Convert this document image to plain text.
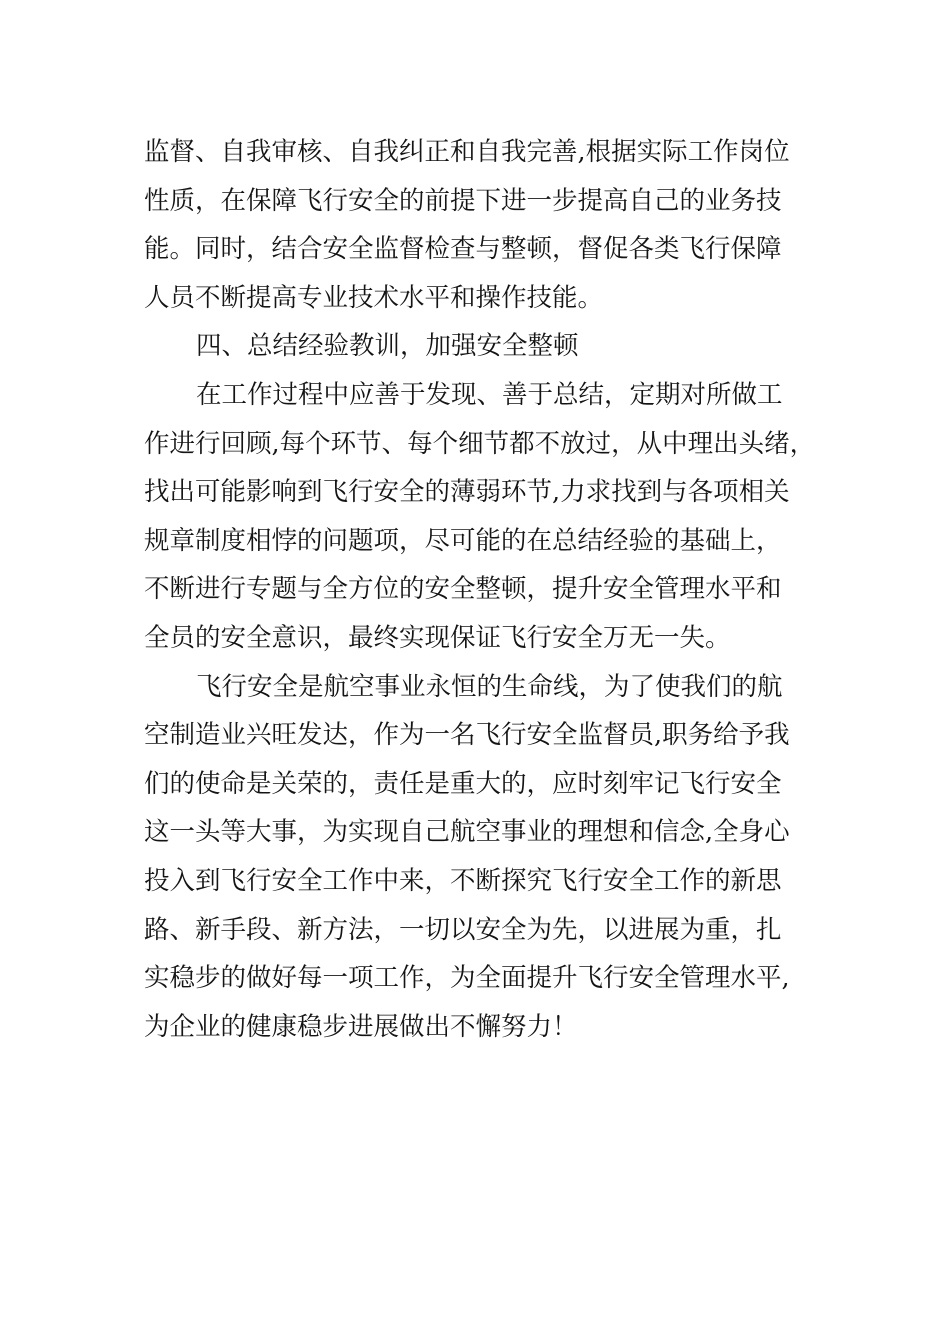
监督、自我审核、自我纠正和自我完善,根据实际工作岗位
性质，在保障飞行安全的前提下进一步提高自己的业务技
能。同时，结合安全监督检查与整顿，督促各类飞行保障
人员不断提高专业技术水平和操作技能。
四、总结经验教训，加强安全整顿
在工作过程中应善于发现、善于总结，定期对所做工
作进行回顾,每个环节、每个细节都不放过，从中理出头绪，
找出可能影响到飞行安全的薄弱环节,力求找到与各项相关
规章制度相悖的问题项，尽可能的在总结经验的基础上，
不断进行专题与全方位的安全整顿，提升安全管理水平和
全员的安全意识，最终实现保证飞行安全万无一失。
飞行安全是航空事业永恒的生命线，为了使我们的航
空制造业兴旺发达，作为一名飞行安全监督员,职务给予我
们的使命是关荣的，责任是重大的，应时刻牢记飞行安全
这一头等大事，为实现自己航空事业的理想和信念,全身心
投入到飞行安全工作中来，不断探究飞行安全工作的新思
路、新手段、新方法，一切以安全为先，以进展为重，扎
实稳步的做好每一项工作，为全面提升飞行安全管理水平,
为企业的健康稳步进展做出不懈努力！
